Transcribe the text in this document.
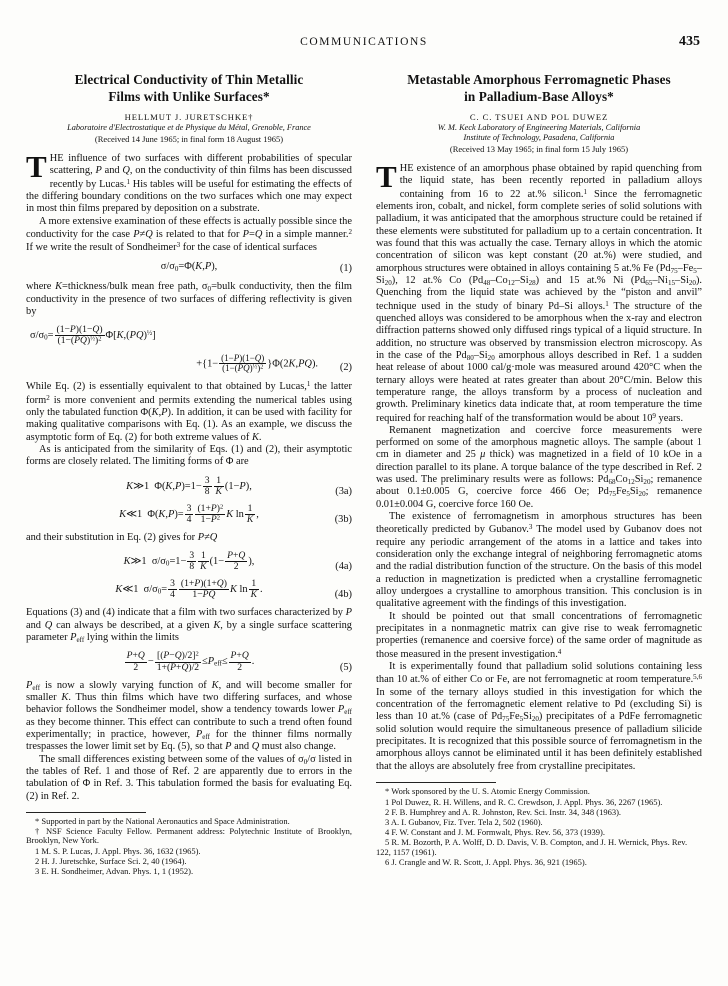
COMMUNICATIONS	435
Electrical Conductivity of Thin Metallic
Films with Unlike Surfaces*
HELLMUT J. JURETSCHKE†
Laboratoire d'Electrostatique et de Physique du Métal, Grenoble, France
(Received 14 June 1965; in final form 18 August 1965)
T HE influence of two surfaces with different probabilities of specular scattering, P and Q, on the conductivity of thin films has been discussed recently by Lucas.$^1$ His tables will be useful for estimating the effects of the differing boundary conditions on the two surfaces which one may expect in most thin films prepared by deposition on a substrate.

A more extensive examination of these effects is actually possible since the conductivity for the case P≠Q is related to that for P=Q in a simple manner.$^2$ If we write the result of Sondheimer$^3$ for the case of identical surfaces

$\sigma/\sigma_0=\Phi(K,P)$,	(1)

where K=thickness/bulk mean free path, $\sigma_0=bulk$ conductivity, then the film conductivity in the presence of two surfaces of differing reflectivity is given by

$\sigma/\sigma_0= \frac{(1-P)(1-Q)}{(1-(PQ)^{\frac{1}{2}})^2} \Phi[K,(PQ)^{\frac{1}{2}}]$
$+\{1- \frac{(1-P)(1-Q)}{(1-(PQ)^{\frac{1}{2}})^2} \}\Phi(2K,PQ)$. (2)

While Eq. (2) is essentially equivalent to that obtained by Lucas,$^1$ the latter form$^2$ is more convenient and permits extending the numerical tables using only the tabulated function Φ(K,P). In addition, it can be used with facility for making qualitative comparisons with Eq. (1). As an example, we discuss the asymptotic form of Eq. (2) for both extreme values of K.

As is anticipated from the similarity of Eqs. (1) and (2), their asymptotic forms are closely related. The limiting forms of Φ are

K≫1  $\Phi(K,P)=1- \frac{3}{8} \frac{1}{K} (1-P)$,	(3a)
K≪1  $\Phi(K,P)= \frac{3}{4} \frac{(1+P)^2}{1-P^2}$ K $\ln \frac{1}{K}$ ,	(3b)

and their substitution in Eq. (2) gives for P≠Q

K≫1  $\sigma/\sigma_0=1- \frac{3}{8} \frac{1}{K} (1- \frac{P+Q}{2}$ ),	(4a)
K≪1  $\sigma/\sigma_0= \frac{3}{4} \frac{(1+P)(1+Q)}{1-PQ}$ K $\ln \frac{1}{K}$ .	(4b)

Equations (3) and (4) indicate that a film with two surfaces characterized by P and Q can always be described, at a given K, by a single surface scattering parameter $P_{eff}$ lying within the limits

$\frac{P+Q}{2} - \frac{[(P-Q)/2]^2}{1+(P+Q)/2} \le P_{eff}\le \frac{P+Q}{2}$ .	(5)

$P_{eff}$ is now a slowly varying function of K, and will become smaller for smaller K. Thus thin films which have two differing surfaces, and whose behavior follows the Sondheimer model, show a tendency towards lower $P_{eff}$ as they become thinner. This effect can contribute to such a trend often found experimentally; in practice, however, $P_{eff}$ for the thinner films normally trespasses the lower limit set by Eq. (5), so that P and Q must also change.

The small differences existing between some of the values of $\sigma_0/\sigma$ listed in the tables of Ref. 1 and those of Ref. 2 are apparently due to errors in the tabulation of Φ in Ref. 3. This tabulation formed the basis for evaluating Eq. (2) in Ref. 2.

* Supported in part by the National Aeronautics and Space Administration.

† NSF Science Faculty Fellow. Permanent address: Polytechnic Institute of Brooklyn, Brooklyn, New York.

1 M. S. P. Lucas, J. Appl. Phys. 36, 1632 (1965).

2 H. J. Juretschke, Surface Sci. 2, 40 (1964).

3 E. H. Sondheimer, Advan. Phys. 1, 1 (1952).

Metastable Amorphous Ferromagnetic Phases
in Palladium-Base Alloys*
C. C. TSUEI AND POL DUWEZ
W. M. Keck Laboratory of Engineering Materials, California
Institute of Technology, Pasadena, California
(Received 13 May 1965; in final form 15 July 1965)
T HE existence of an amorphous phase obtained by rapid quenching from the liquid state, has been recently reported in palladium alloys containing from 16 to 22 at.% silicon.$^1$ Since the ferromagnetic elements iron, cobalt, and nickel, form complete series of solid solutions with palladium, it was anticipated that the amorphous structure could be retained if these elements were substituted for palladium up to a certain concentration. It was found that this was actually the case. Ternary alloys in which the atomic concentration of silicon was kept constant (20 at.%) were studied, and amorphous structures were obtained in alloys containing 5 at.% Fe $(Pd_{75}-Fe_5-Si_{20})$, 12 at.% Co $(Pd_{48}-Co_{12}-Si_{28})$ and 15 at.% Ni $(Pd_{65}-Ni_{15}-Si_{20})$. Quenching from the liquid state was achieved by the “piston and anvil” technique used in the study of binary Pd–Si alloys.$^1$ The structure of the quenched alloys was considered to be amorphous when the x-ray and electron diffraction patterns showed only diffused rings typical of a liquid structure. In addition, no structure was observed by transmission electron microscopy. As in the case of the $Pd_{80}-Si_{20}$ amorphous alloys described in Ref. 1 a sudden heat release of about 1000 cal/g·mole was measured around 420°C when the ternary alloys were heated at rates greater than about 20°C/min. Below this temperature range, the alloys transform by a process of nucleation and growth. Preliminary kinetics data indicate that, at room temperature the time required for reaching half of the transformation would be about $10^9$ years.

Remanent magnetization and coercive force measurements were performed on some of the amorphous magnetic alloys. The sample (about 1 cm in diameter and 25 μ thick) was magnetized in a field of 10 kOe in a direction parallel to its plane. A torque balance of the type described in Ref. 2 was used. The preliminary results were as follows: $Pd_{68}Co_{12}Si_{20}$; remanence about 0.1±0.005 G, coercive force 466 Oe; $Pd_{75}Fe_5Si_{20}$; remanence 0.01±0.004 G, coercive force 160 Oe.

The existence of ferromagnetism in amorphous structures has been theoretically predicted by Gubanov.$^3$ The model used by Gubanov does not require any periodic arrangement of the atoms in a lattice and takes into consideration only the exchange integral of neighboring ferromagnetic atoms and the radial distribution function of the structure. On the basis of this model a reduction in magnetization is predicted when a crystalline ferromagnetic alloy undergoes a crystalline to amorphous transition. This conclusion is in qualitative agreement with the findings of this investigation.

It should be pointed out that small concentrations of ferromagnetic precipitates in a nonmagnetic matrix can give rise to weak ferromagnetic properties (remanence and coersive force) of the same order of magnitude as those measured in the present investigation.$^4$

It is experimentally found that palladium solid solutions containing less than 10 at.% of either Co or Fe, are not ferromagnetic at room temperature.$^{5,6}$ In some of the ternary alloys studied in this investigation for which the concentration of the ferromagnetic element relative to Pd (excluding Si) is less than 10 at.% (case of $Pd_{75}Fe_5Si_{20}$) precipitates of a PdFe ferromagnetic solid solution would require the simultaneous presence of palladium silicide precipitates. It is recognized that this possible source of ferromagnetism in the amorphous alloys cannot be eliminated until it has been definitely established that the alloys are absolutely free from crystalline precipitates.

* Work sponsored by the U. S. Atomic Energy Commission.

1 Pol Duwez, R. H. Willens, and R. C. Crewdson, J. Appl. Phys. 36, 2267 (1965).

2 F. B. Humphrey and A. R. Johnston, Rev. Sci. Instr. 34, 348 (1963).

3 A. I. Gubanov, Fiz. Tver. Tela 2, 502 (1960).

4 F. W. Constant and J. M. Formwalt, Phys. Rev. 56, 373 (1939).

5 R. M. Bozorth, P. A. Wolff, D. D. Davis, V. B. Compton, and J. H. Wernick, Phys. Rev. 122, 1157 (1961).

6 J. Crangle and W. R. Scott, J. Appl. Phys. 36, 921 (1965).
